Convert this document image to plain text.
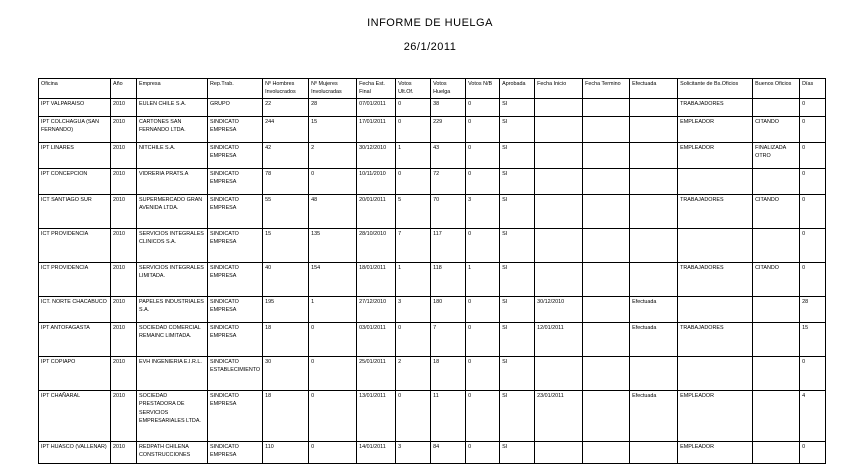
INFORME DE HUELGA
26/1/2011
Oficina	Año	Empresa	Rep.Trab.	Nº Hombres Involucrados	Nº Mujeres Involucradas	Fecha Est. Final	Votos Ult.Of.	Votos Huelga	Votos N/B	Aprobada	Fecha Inicio	Fecha Termino	Efectuada	Solicitante de Bs.Oficios	Buenos Oficios	Días
IPT VALPARAISO	2010	EULEN CHILE S.A.	GRUPO	22	28	07/01/2011	0	38	0	SI				TRABAJADORES		0
IPT COLCHAGUA (SAN FERNANDO)	2010	CARTONES SAN FERNANDO LTDA.	SINDICATO EMPRESA	244	15	17/01/2011	0	229	0	SI				EMPLEADOR	CITANDO	0
IPT LINARES	2010	NITCHILE S.A.	SINDICATO EMPRESA	42	2	30/12/2010	1	43	0	SI				EMPLEADOR	FINALIZADA OTRO	0
IPT CONCEPCION	2010	VIDRERIA PRATS.A	SINDICATO EMPRESA	78	0	10/11/2010	0	72	0	SI						0
ICT SANTIAGO SUR	2010	SUPERMERCADO GRAN AVENIDA LTDA.	SINDICATO EMPRESA	55	48	20/01/2011	5	70	3	SI				TRABAJADORES	CITANDO	0
ICT PROVIDENCIA	2010	SERVICIOS INTEGRALES CLINICOS S.A.	SINDICATO EMPRESA	15	135	28/10/2010	7	117	0	SI						0
ICT PROVIDENCIA	2010	SERVICIOS INTEGRALES LIMITADA.	SINDICATO EMPRESA	40	154	18/01/2011	1	118	1	SI				TRABAJADORES	CITANDO	0
ICT. NORTE CHACABUCO	2010	PAPELES INDUSTRIALES S.A.	SINDICATO EMPRESA	195	1	27/12/2010	3	180	0	SI	30/12/2010		Efectuada			28
IPT ANTOFAGASTA	2010	SOCIEDAD COMERCIAL REMAINC LIMITADA.	SINDICATO EMPRESA	18	0	03/01/2011	0	7	0	SI	12/01/2011		Efectuada	TRABAJADORES		15
IPT COPIAPO	2010	EVH INGENIERIA E.I.R.L.	SINDICATO ESTABLECIMIENTO	30	0	25/01/2011	2	18	0	SI						0
IPT CHAÑARAL	2010	SOCIEDAD PRESTADORA DE SERVICIOS EMPRESARIALES LTDA.	SINDICATO EMPRESA	18	0	13/01/2011	0	11	0	SI	23/01/2011		Efectuada	EMPLEADOR		4
IPT HUASCO (VALLENAR)	2010	REDPATH CHILENA CONSTRUCCIONES	SINDICATO EMPRESA	110	0	14/01/2011	3	84	0	SI				EMPLEADOR		0
